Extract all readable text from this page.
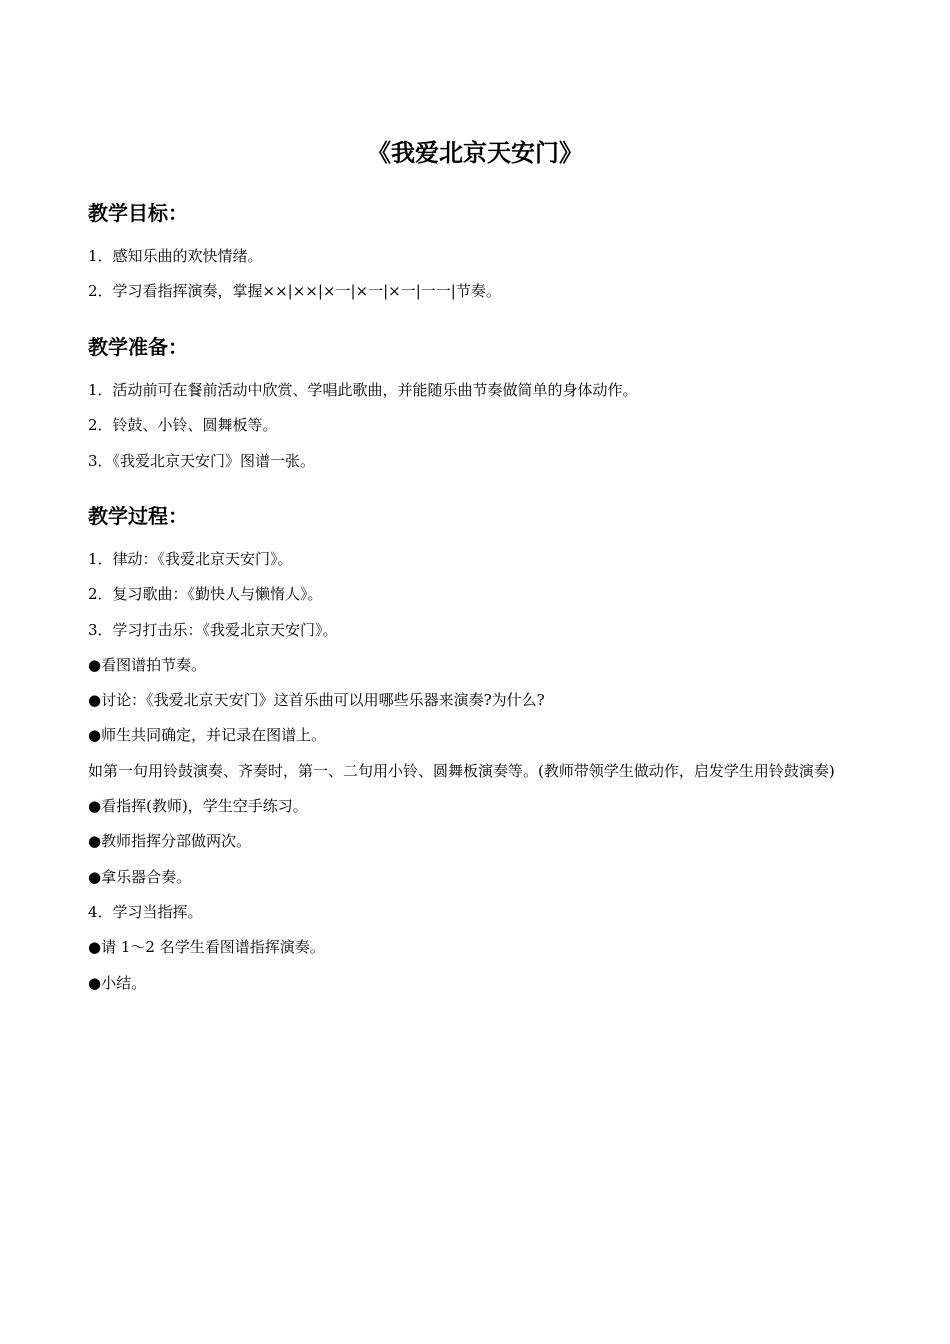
《我爱北京天安门》
教学目标：

1．感知乐曲的欢快情绪。

2．学习看指挥演奏，掌握××|××|×一|×一|×一|一一|节奏。

教学准备：

1．活动前可在餐前活动中欣赏、学唱此歌曲，并能随乐曲节奏做简单的身体动作。

2．铃鼓、小铃、圆舞板等。

3．《我爱北京天安门》图谱一张。

教学过程：

1．律动：《我爱北京天安门》。

2．复习歌曲：《勤快人与懒惰人》。

3．学习打击乐：《我爱北京天安门》。

●看图谱拍节奏。

●讨论：《我爱北京天安门》这首乐曲可以用哪些乐器来演奏?为什么?

●师生共同确定，并记录在图谱上。

如第一句用铃鼓演奏、齐奏时，第一、二句用小铃、圆舞板演奏等。(教师带领学生做动作，启发学生用铃鼓演奏)

●看指挥(教师)，学生空手练习。

●教师指挥分部做两次。

●拿乐器合奏。

4．学习当指挥。

●请 1～2 名学生看图谱指挥演奏。

●小结。
